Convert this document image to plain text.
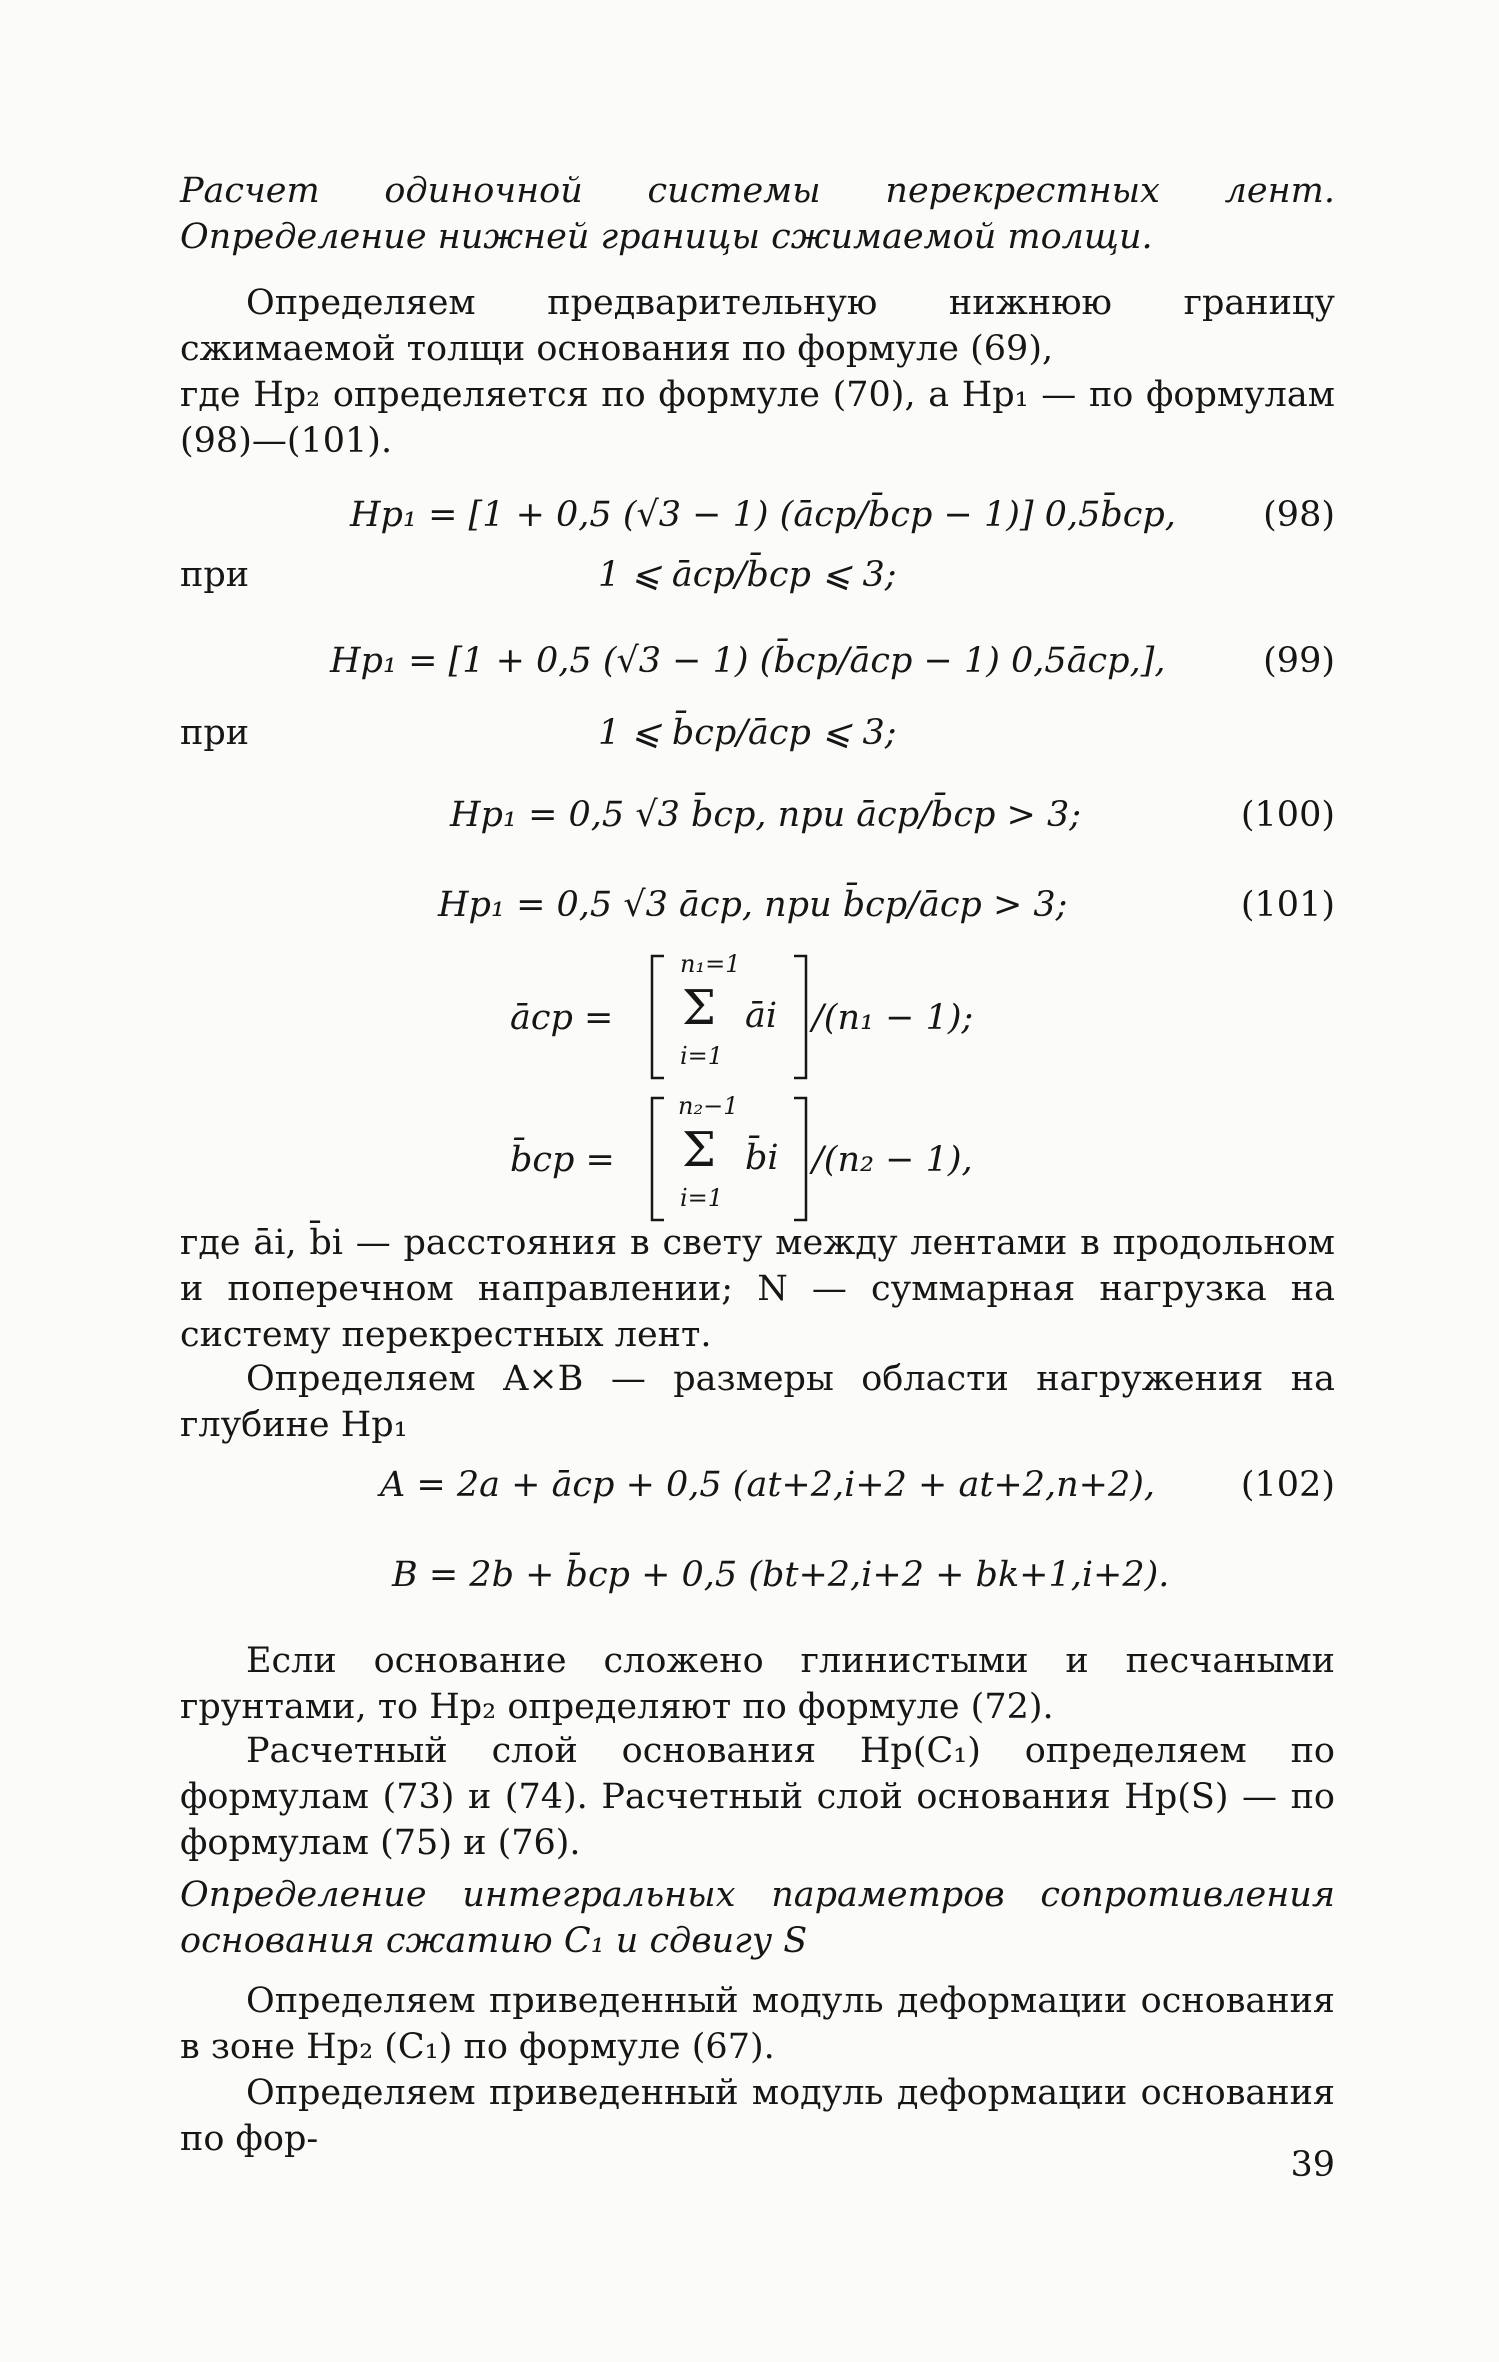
Расчет одиночной системы перекрестных лент. Определение нижней границы сжимаемой толщи.
Определяем предварительную нижнюю границу сжимаемой толщи основания по формуле (69),
где Hp₂ определяется по формуле (70), а Hp₁ — по формулам (98)—(101).
Hp₁ = [1 + 0,5 (√3 − 1) (ācp/b̄cp − 1)] 0,5b̄cp, (98)
при	1 ⩽ ācp/b̄cp ⩽ 3;
Hp₁ = [1 + 0,5 (√3 − 1) (b̄cp/ācp − 1) 0,5ācp,],	(99)
при	1 ⩽ b̄cp/ācp ⩽ 3;
Hp₁ = 0,5 √3 b̄cp, при ācp/b̄cp > 3;	(100)
Hp₁ = 0,5 √3 ācp, при b̄cp/ācp > 3;	(101)
ācp =
n₁=1
Σ
i=1
āi /(n₁ − 1);
b̄cp =
n₂−1
Σ
i=1
b̄i /(n₂ − 1),
где āi, b̄i — расстояния в свету между лентами в продольном и поперечном направлении; N — суммарная нагрузка на систему перекрестных лент.
Определяем A×B — размеры области нагружения на глубине Hp₁
A = 2a + ācp + 0,5 (at+2,i+2 + at+2,n+2), (102)
B = 2b + b̄cp + 0,5 (bt+2,i+2 + bk+1,i+2).
Если основание сложено глинистыми и песчаными грунтами, то Hp₂ определяют по формуле (72).
Расчетный слой основания Hp(C₁) определяем по формулам (73) и (74). Расчетный слой основания Hp(S) — по формулам (75) и (76).
Определение интегральных параметров сопротивления основания сжатию C₁ и сдвигу S
Определяем приведенный модуль деформации основания в зоне Hp₂ (C₁) по формуле (67).
Определяем приведенный модуль деформации основания по фор-
39
